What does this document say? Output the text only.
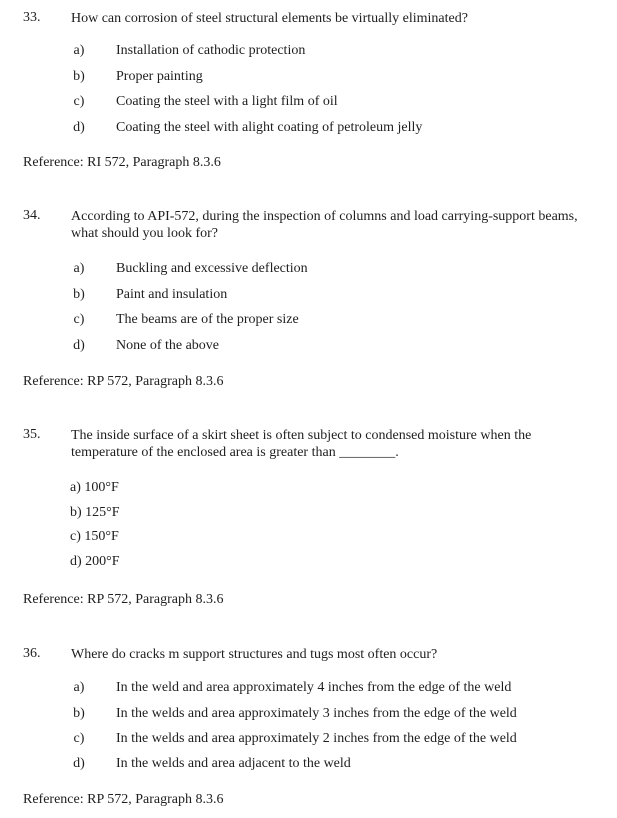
33. How can corrosion of steel structural elements be virtually eliminated?
a)	Installation of cathodic protection
b) Proper painting
c)	Coating the steel with a light film of oil
d) Coating the steel with alight coating of petroleum jelly
Reference: RI 572, Paragraph 8.3.6
34. According to API-572, during the inspection of columns and load carrying-support beams, what should you look for?
a)	Buckling and excessive deflection
b) Paint and insulation
c)	The beams are of the proper size
d) None of the above
Reference: RP 572, Paragraph 8.3.6
35. The inside surface of a skirt sheet is often subject to condensed moisture when the temperature of the enclosed area is greater than ________.
a) 100°F
b) 125°F
c) 150°F
d) 200°F
Reference: RP 572, Paragraph 8.3.6
36. Where do cracks m support structures and tugs most often occur?
a)	In the weld and area approximately 4 inches from the edge of the weld
b) In the welds and area approximately 3 inches from the edge of the weld
c)	In the welds and area approximately 2 inches from the edge of the weld
d) In the welds and area adjacent to the weld
Reference: RP 572, Paragraph 8.3.6
